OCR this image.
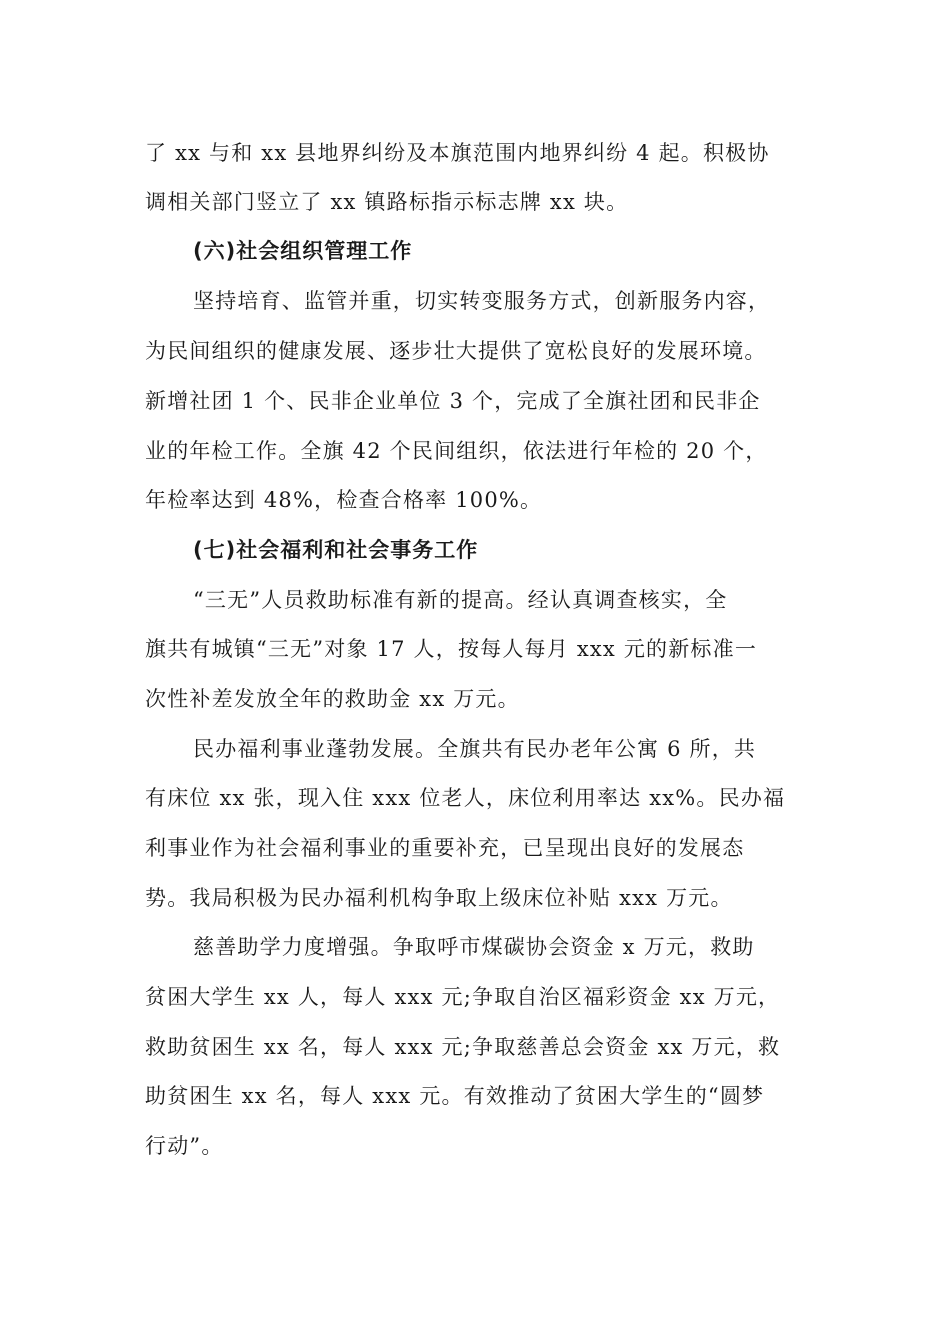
了 xx 与和 xx 县地界纠纷及本旗范围内地界纠纷 4 起。积极协
调相关部门竖立了 xx 镇路标指示标志牌 xx 块。
(六)社会组织管理工作
坚持培育、监管并重，切实转变服务方式，创新服务内容，
为民间组织的健康发展、逐步壮大提供了宽松良好的发展环境。
新增社团 1 个、民非企业单位 3 个，完成了全旗社团和民非企
业的年检工作。全旗 42 个民间组织，依法进行年检的 20 个，
年检率达到 48%，检查合格率 100%。
(七)社会福利和社会事务工作
“三无”人员救助标准有新的提高。经认真调查核实，全
旗共有城镇“三无”对象 17 人，按每人每月 xxx 元的新标准一
次性补差发放全年的救助金 xx 万元。
民办福利事业蓬勃发展。全旗共有民办老年公寓 6 所，共
有床位 xx 张，现入住 xxx 位老人，床位利用率达 xx%。民办福
利事业作为社会福利事业的重要补充，已呈现出良好的发展态
势。我局积极为民办福利机构争取上级床位补贴 xxx 万元。
慈善助学力度增强。争取呼市煤碳协会资金 x 万元，救助
贫困大学生 xx 人，每人 xxx 元;争取自治区福彩资金 xx 万元，
救助贫困生 xx 名，每人 xxx 元;争取慈善总会资金 xx 万元，救
助贫困生 xx 名，每人 xxx 元。有效推动了贫困大学生的“圆梦
行动”。
